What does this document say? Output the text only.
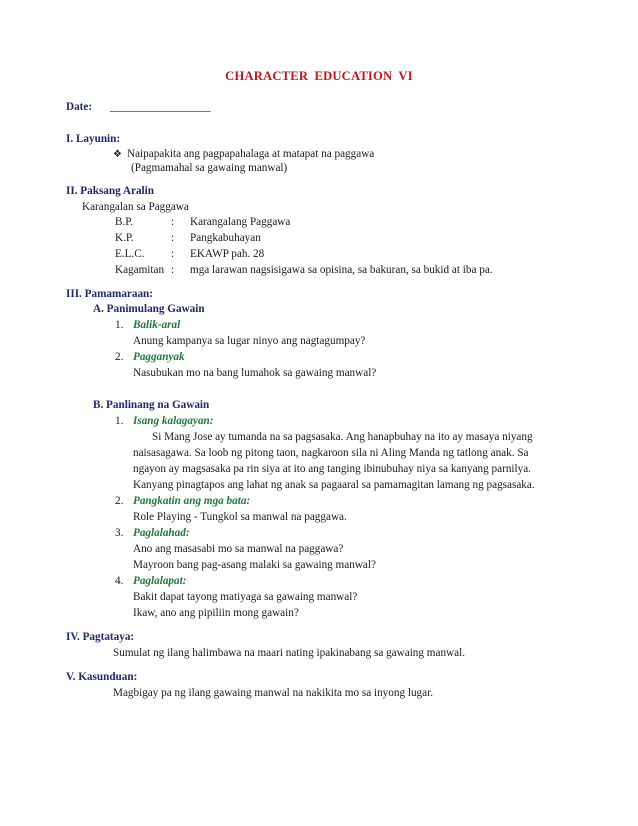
CHARACTER EDUCATION VI
Date: __________________
I. Layunin:
❖ Naipapakita ang pagpapahalaga at matapat na paggawa
(Pagmamahal sa gawaing manwal)
II. Paksang Aralin
Karangalan sa Paggawa
B.P.	: Karangalang Paggawa
K.P.	: Pangkabuhayan
E.L.C. : EKAWP pah. 28
Kagamitan : mga larawan nagsisigawa sa opisina, sa bakuran, sa bukid at iba pa.
III. Pamamaraan:
A. Panimulang Gawain
1. Balik-aral
Anung kampanya sa lugar ninyo ang nagtagumpay?
2. Pagganyak
Nasubukan mo na bang lumahok sa gawaing manwal?
B. Panlinang na Gawain
1. Isang kalagayan:
Si Mang Jose ay tumanda na sa pagsasaka. Ang hanapbuhay na ito ay masaya niyang
naisasagawa. Sa loob ng pitong taon, nagkaroon sila ni Aling Manda ng tatlong anak. Sa
ngayon ay magsasaka pa rin siya at ito ang tanging ibinubuhay niya sa kanyang parnilya.
Kanyang pinagtapos ang lahat ng anak sa pagaaral sa pamamagitan lamang ng pagsasaka.
2. Pangkatin ang mga bata:
Role Playing - Tungkol sa manwal na paggawa.
3. Paglalahad:
Ano ang masasabi mo sa manwal na paggawa?
Mayroon bang pag-asang malaki sa gawaing manwal?
4. Paglalapat:
Bakit dapat tayong matiyaga sa gawaing manwal?
Ikaw, ano ang pipiliin mong gawain?
IV. Pagtataya:
Sumulat ng ilang halimbawa na maari nating ipakinabang sa gawaing manwal.
V. Kasunduan:
Magbigay pa ng ilang gawaing manwal na nakikita mo sa inyong lugar.
